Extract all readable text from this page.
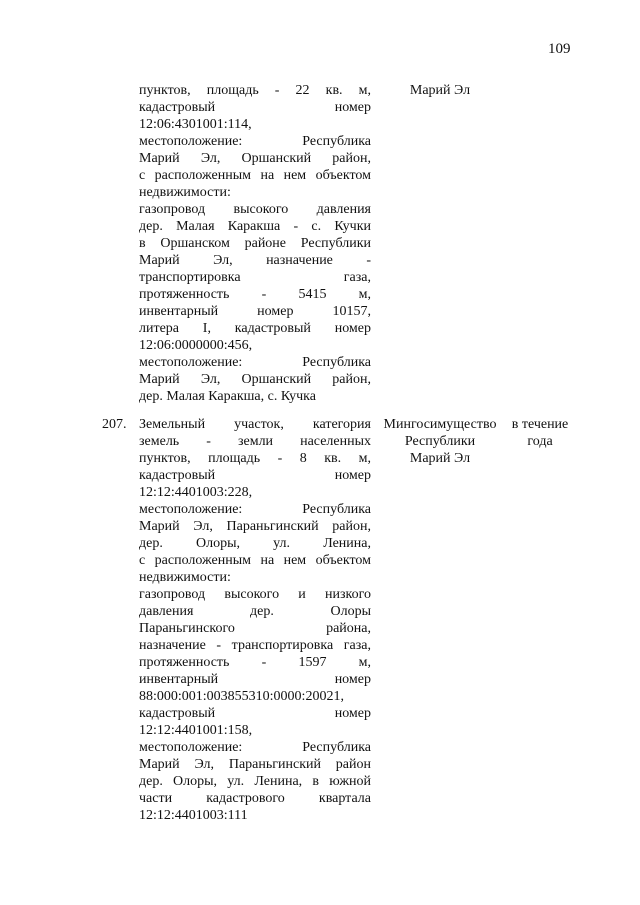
109
пунктов, площадь - 22 кв. м,
кадастровый номер
12:06:4301001:114,
местоположение: Республика
Марий Эл, Оршанский район,
с расположенным на нем объектом
недвижимости:
газопровод высокого давления
дер. Малая Каракша - с. Кучки
в Оршанском районе Республики
Марий Эл, назначение -
транспортировка газа,
протяженность - 5415 м,
инвентарный номер 10157,
литера I, кадастровый номер
12:06:0000000:456,
местоположение: Республика
Марий Эл, Оршанский район,
дер. Малая Каракша, с. Кучка
Марий Эл
207. Земельный участок, категория
земель - земли населенных
пунктов, площадь - 8 кв. м,
кадастровый номер
12:12:4401003:228,
местоположение: Республика
Марий Эл, Параньгинский район,
дер. Олоры, ул. Ленина,
с расположенным на нем объектом
недвижимости:
газопровод высокого и низкого
давления дер. Олоры
Параньгинского района,
назначение - транспортировка газа,
протяженность - 1597 м,
инвентарный номер
88:000:001:003855310:0000:20021,
кадастровый номер
12:12:4401001:158,
местоположение: Республика
Марий Эл, Параньгинский район
дер. Олоры, ул. Ленина, в южной
части кадастрового квартала
12:12:4401003:111
Мингосимущество
Республики
Марий Эл
в течение
года
